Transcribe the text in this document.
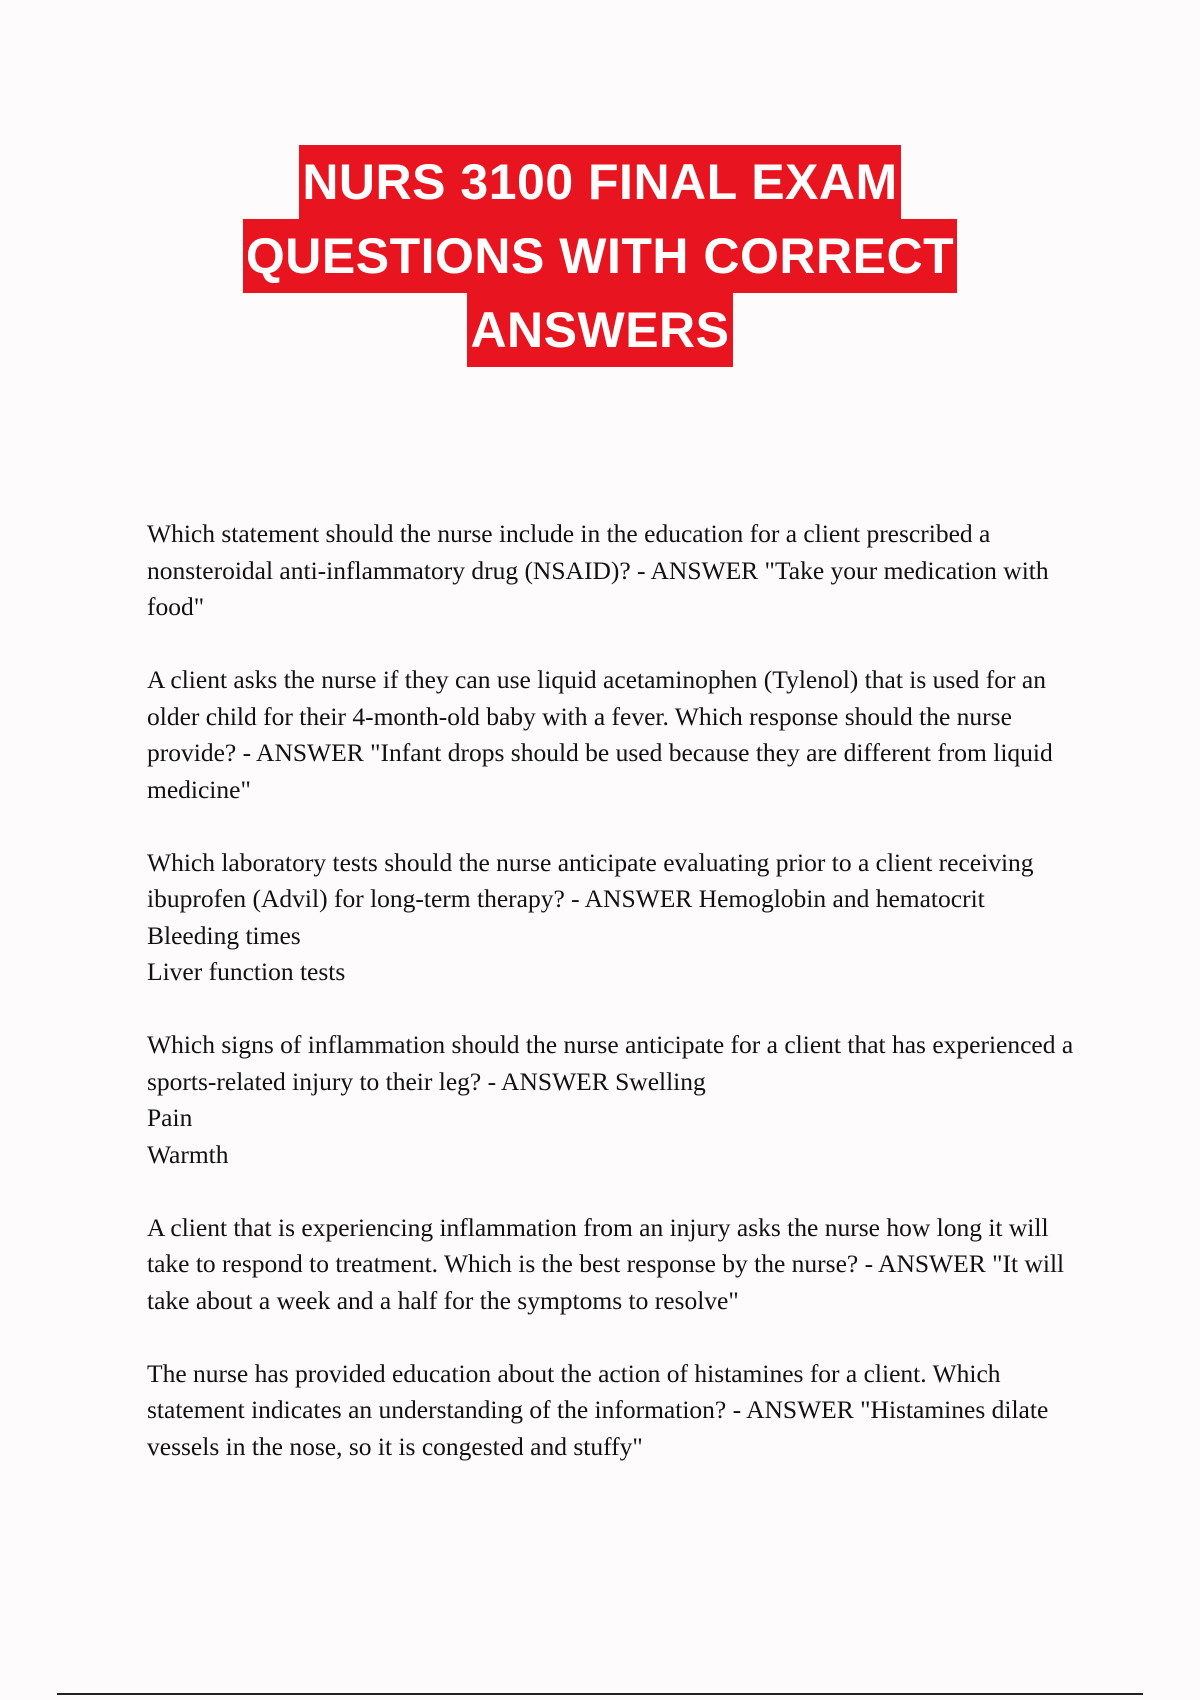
NURS 3100 FINAL EXAM
QUESTIONS WITH CORRECT
ANSWERS

Which statement should the nurse include in the education for a client prescribed a nonsteroidal anti-inflammatory drug (NSAID)? - ANSWER "Take your medication with food"

A client asks the nurse if they can use liquid acetaminophen (Tylenol) that is used for an older child for their 4-month-old baby with a fever. Which response should the nurse provide? - ANSWER "Infant drops should be used because they are different from liquid medicine"

Which laboratory tests should the nurse anticipate evaluating prior to a client receiving ibuprofen (Advil) for long-term therapy? - ANSWER Hemoglobin and hematocrit

Bleeding times
Liver function tests

Which signs of inflammation should the nurse anticipate for a client that has experienced a sports-related injury to their leg? - ANSWER Swelling

Pain
Warmth

A client that is experiencing inflammation from an injury asks the nurse how long it will take to respond to treatment. Which is the best response by the nurse? - ANSWER "It will take about a week and a half for the symptoms to resolve"

The nurse has provided education about the action of histamines for a client. Which statement indicates an understanding of the information? - ANSWER "Histamines dilate vessels in the nose, so it is congested and stuffy"
